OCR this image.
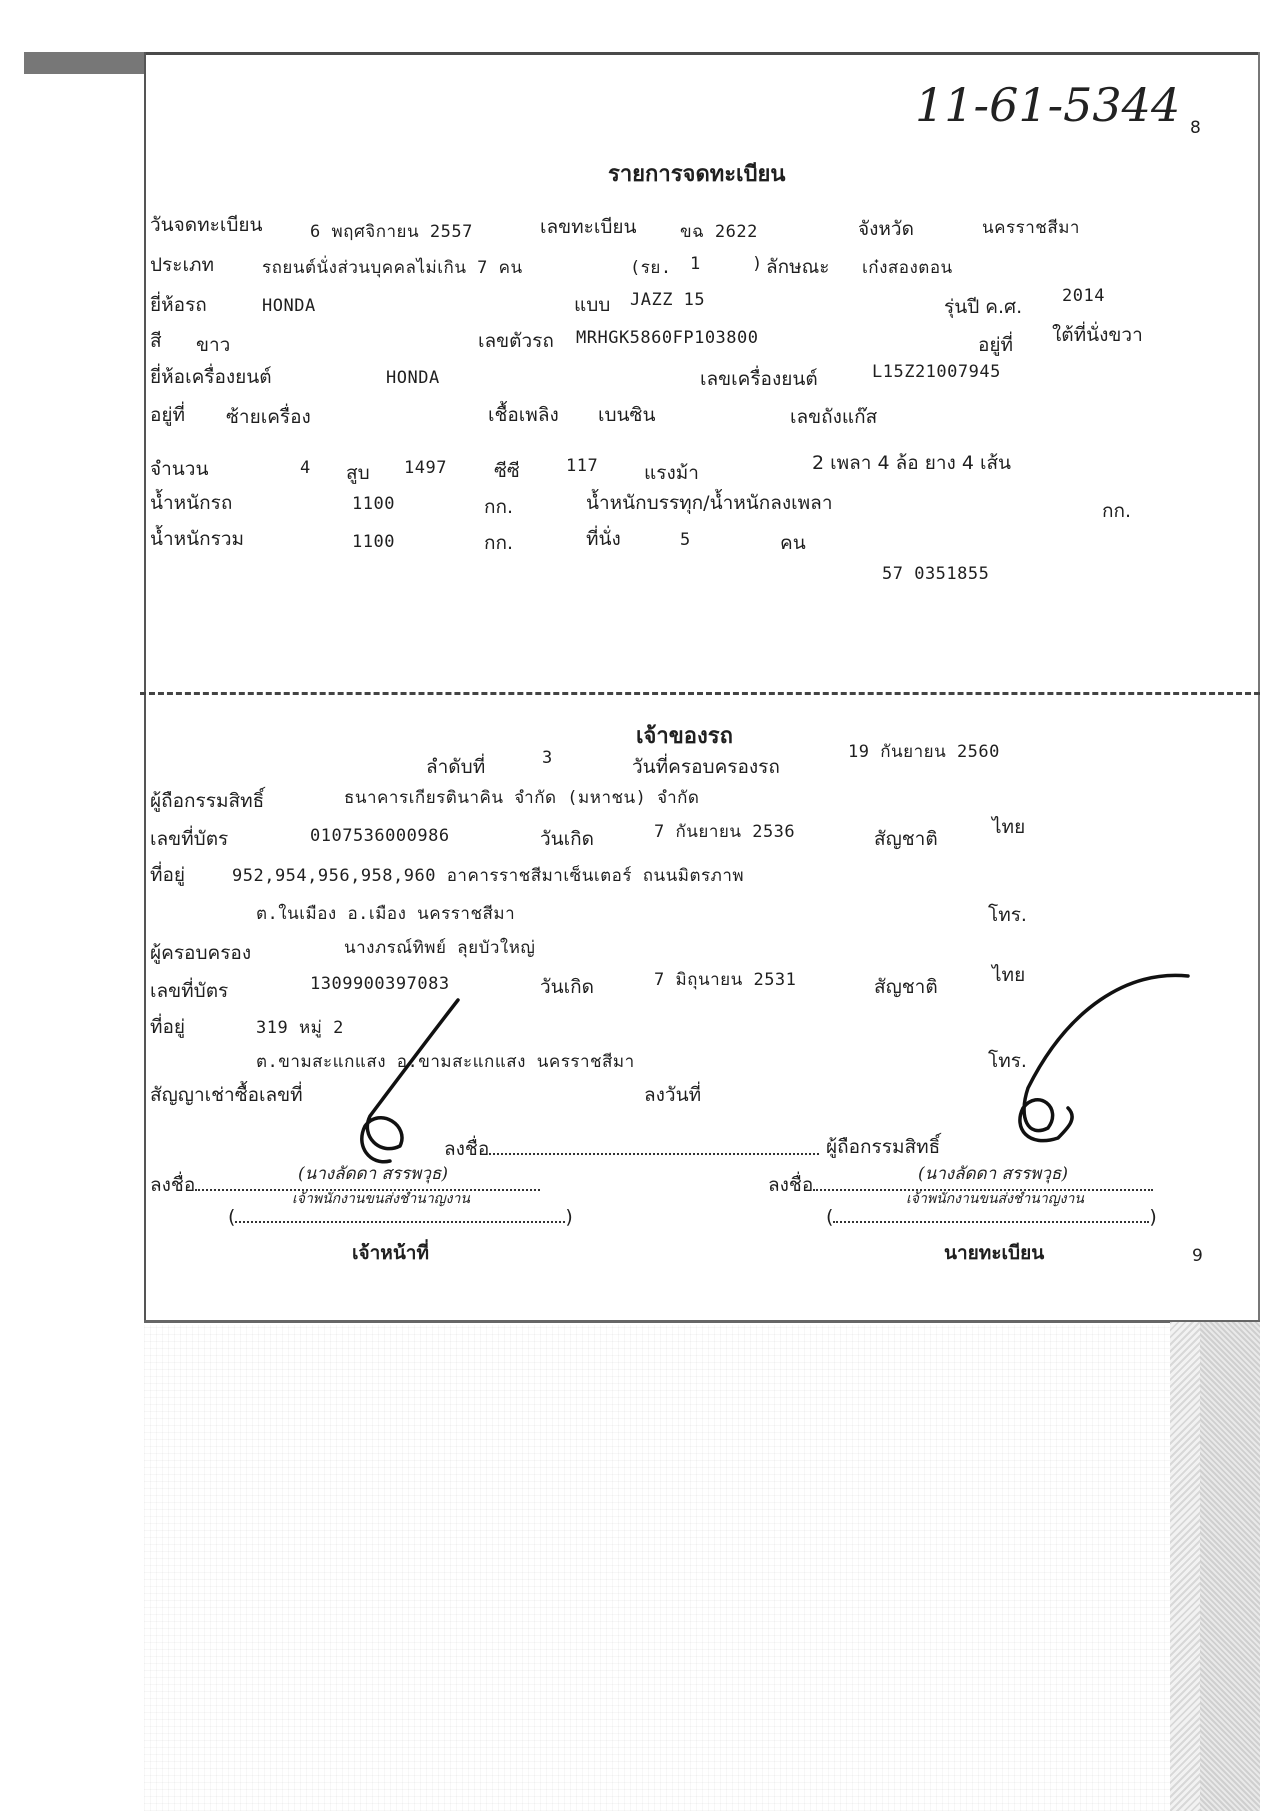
11-61-5344 8
รายการจดทะเบียน
วันจดทะเบียน	6 พฤศจิกายน 2557	เลขทะเบียน	ขฉ 2622	จังหวัด	นครราชสีมา
ประเภท	รถยนต์นั่งส่วนบุคคลไม่เกิน 7 คน	(รย. 1	) ลักษณะ เก๋งสองตอน
ยี่ห้อรถ	HONDA	แบบ JAZZ 15	รุ่นปี ค.ศ. 2014
สี ขาว	เลขตัวรถ MRHGK5860FP103800	อยู่ที่ ใต้ที่นั่งขวา
ยี่ห้อเครื่องยนต์	HONDA	เลขเครื่องยนต์	L15Z21007945
อยู่ที่ ซ้ายเครื่อง	เชื้อเพลิง เบนซิน	เลขถังแก๊ส
จำนวน	4 สูบ 1497 ซีซี	117 แรงม้า	2 เพลา 4 ล้อ ยาง 4 เส้น
น้ำหนักรถ	1100	กก.	น้ำหนักบรรทุก/น้ำหนักลงเพลา	กก.
น้ำหนักรวม	1100	กก.	ที่นั่ง	5	คน
57 0351855
เจ้าของรถ
19 กันยายน 2560
ลำดับที่	3	วันที่ครอบครองรถ
ผู้ถือกรรมสิทธิ์	ธนาคารเกียรตินาคิน จำกัด (มหาชน) จำกัด
เลขที่บัตร	0107536000986	วันเกิด	7 กันยายน 2536	สัญชาติ
ไทย
ที่อยู่	952,954,956,958,960 อาคารราชสีมาเซ็นเตอร์ ถนนมิตรภาพ
ต.ในเมือง อ.เมือง นครราชสีมา	โทร.
ผู้ครอบครอง	นางภรณ์ทิพย์ ลุยบัวใหญ่
เลขที่บัตร	1309900397083	วันเกิด	7 มิถุนายน 2531	สัญชาติ
ไทย
ที่อยู่	319 หมู่ 2
ต.ขามสะแกแสง อ.ขามสะแกแสง นครราชสีมา	โทร.
สัญญาเช่าซื้อเลขที่	ลงวันที่
ลงชื่อ	ผู้ถือกรรมสิทธิ์
ลงชื่อ	(นางลัดดา สรรพวุธ)
เจ้าพนักงานขนส่งชำนาญงาน
(	)
เจ้าหน้าที่
ลงชื่อ	(นางลัดดา สรรพวุธ)
เจ้าพนักงานขนส่งชำนาญงาน
(	)
นายทะเบียน	9
